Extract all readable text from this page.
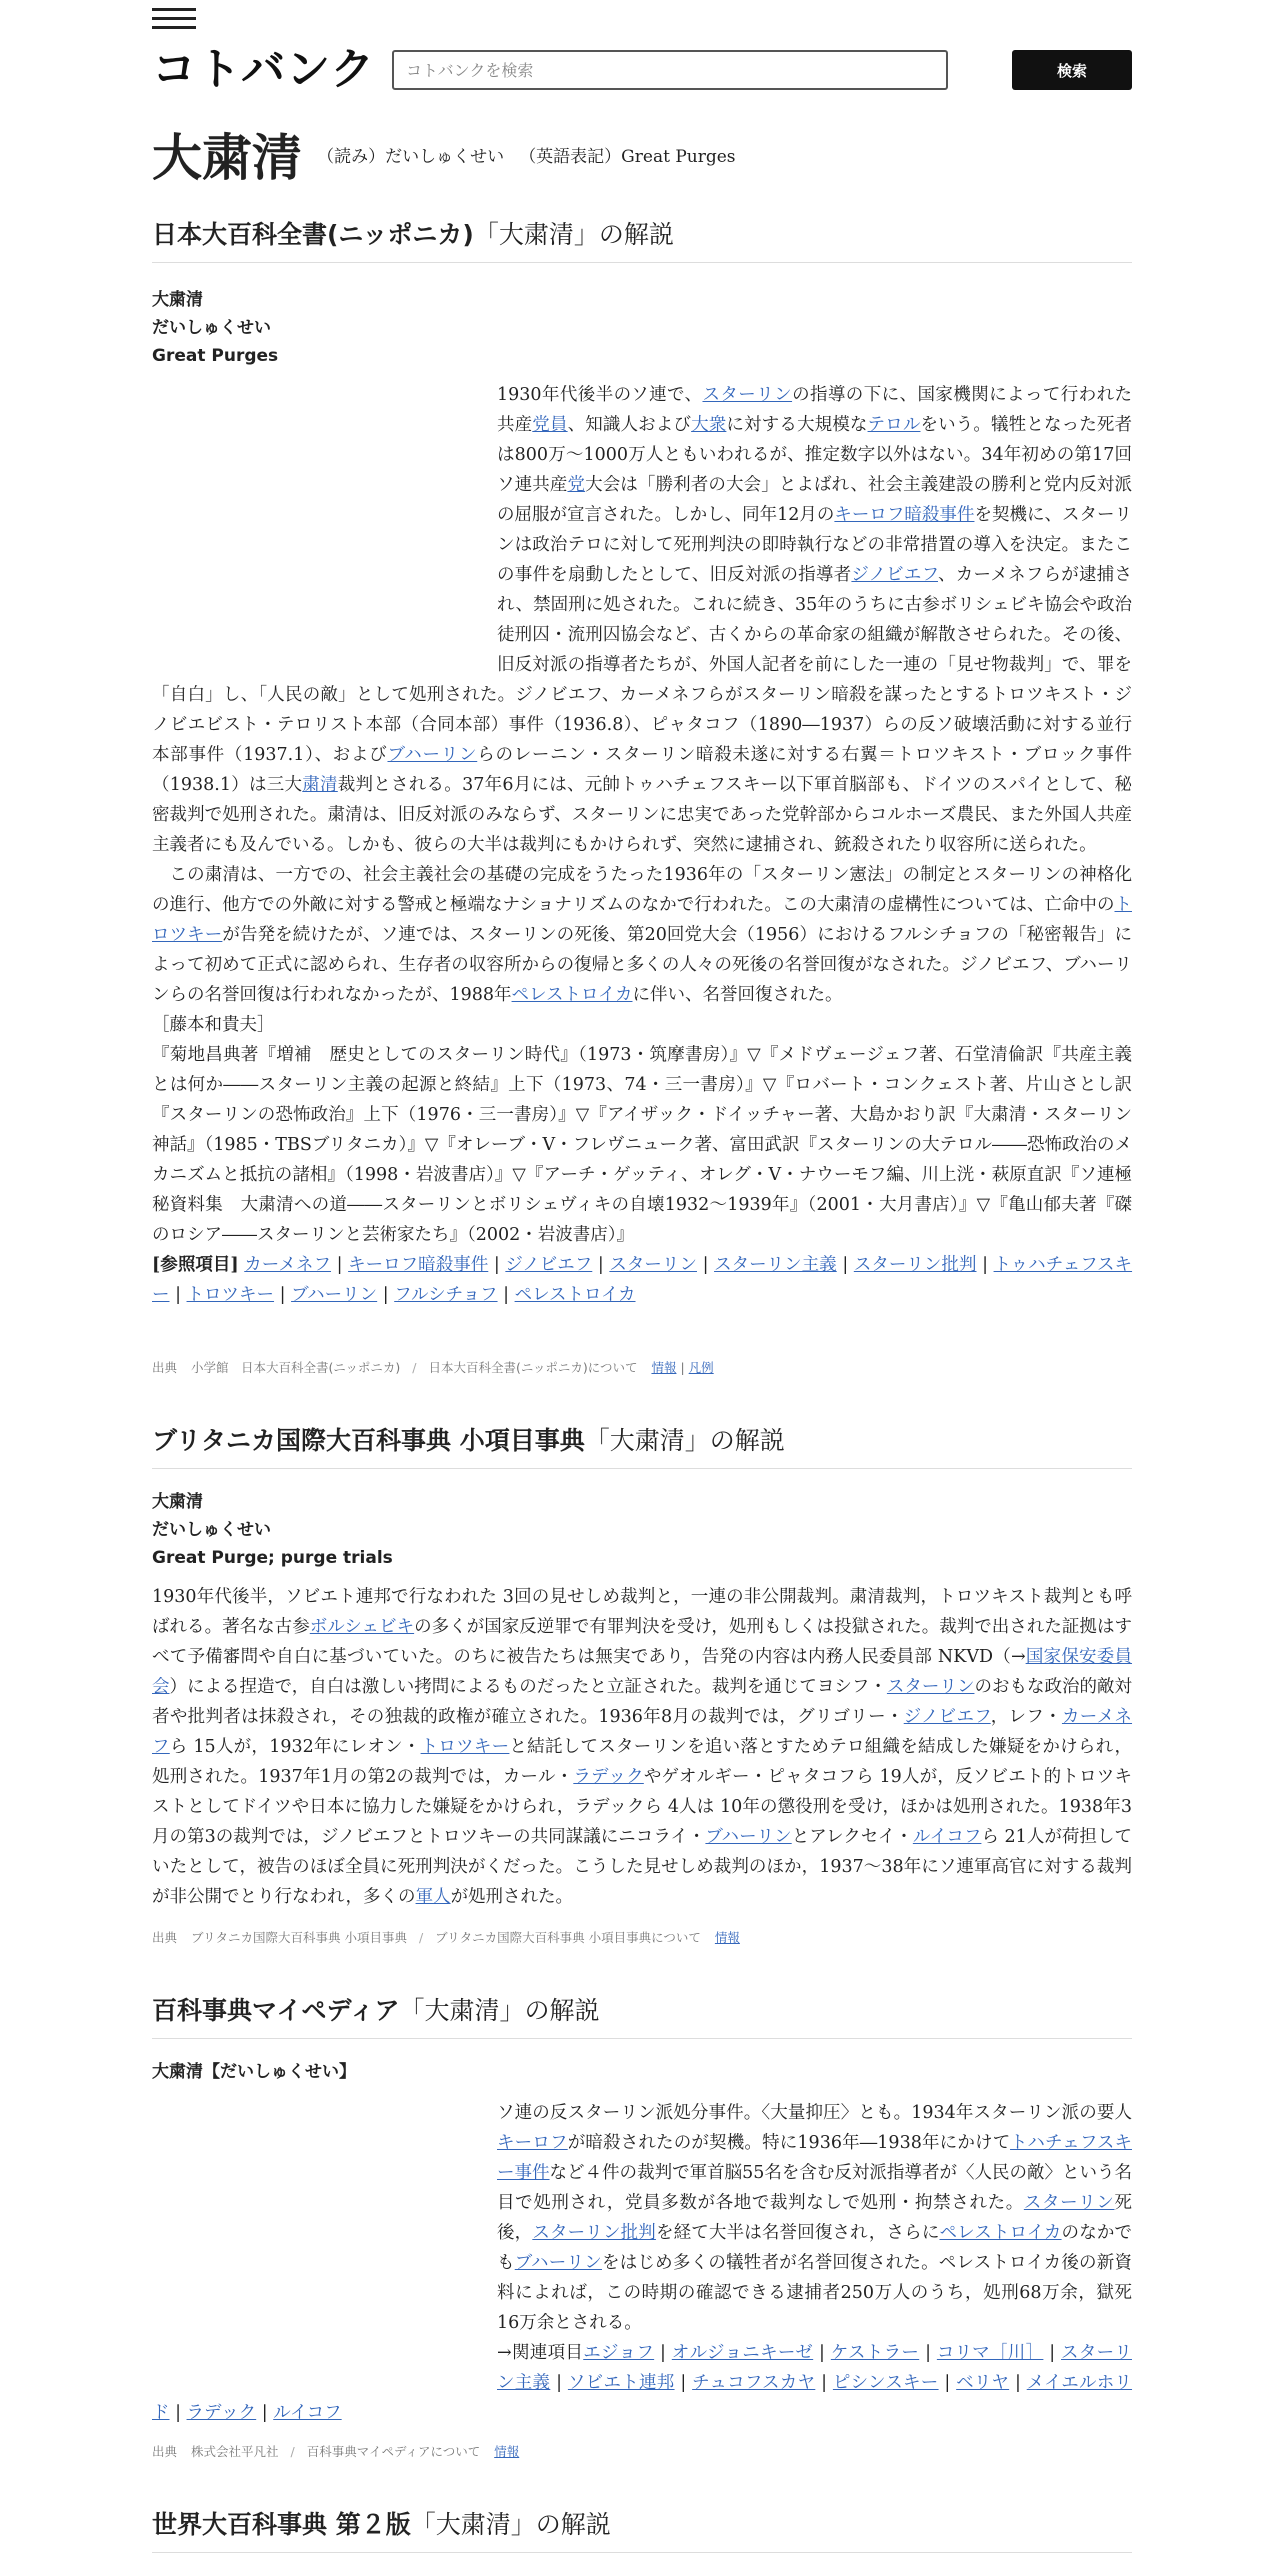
コトバンク
コトバンクを検索	検索
大粛清 （読み）だいしゅくせい （英語表記）Great Purges
日本大百科全書(ニッポニカ)「大粛清」の解説
大粛清
だいしゅくせい
Great Purges

1930年代後半のソ連で、スターリンの指導の下に、国家機関によって行われた共産党員、知識人および大衆に対する大規模なテロルをいう。犠牲となった死者は800万～1000万人ともいわれるが、推定数字以外はない。34年初めの第17回ソ連共産党大会は「勝利者の大会」とよばれ、社会主義建設の勝利と党内反対派の屈服が宣言された。しかし、同年12月のキーロフ暗殺事件を契機に、スターリンは政治テロに対して死刑判決の即時執行などの非常措置の導入を決定。またこの事件を扇動したとして、旧反対派の指導者ジノビエフ、カーメネフらが逮捕され、禁固刑に処された。これに続き、35年のうちに古参ボリシェビキ協会や政治徒刑囚・流刑囚協会など、古くからの革命家の組織が解散させられた。その後、旧反対派の指導者たちが、外国人記者を前にした一連の「見せ物裁判」で、罪を「自白」し、「人民の敵」として処刑された。ジノビエフ、カーメネフらがスターリン暗殺を謀ったとするトロツキスト・ジノビエビスト・テロリスト本部（合同本部）事件（1936.8）、ピャタコフ（1890―1937）らの反ソ破壊活動に対する並行本部事件（1937.1）、およびブハーリンらのレーニン・スターリン暗殺未遂に対する右翼＝トロツキスト・ブロック事件（1938.1）は三大粛清裁判とされる。37年6月には、元帥トゥハチェフスキー以下軍首脳部も、ドイツのスパイとして、秘密裁判で処刑された。粛清は、旧反対派のみならず、スターリンに忠実であった党幹部からコルホーズ農民、また外国人共産主義者にも及んでいる。しかも、彼らの大半は裁判にもかけられず、突然に逮捕され、銃殺されたり収容所に送られた。

この粛清は、一方での、社会主義社会の基礎の完成をうたった1936年の「スターリン憲法」の制定とスターリンの神格化の進行、他方での外敵に対する警戒と極端なナショナリズムのなかで行われた。この大粛清の虚構性については、亡命中のトロツキーが告発を続けたが、ソ連では、スターリンの死後、第20回党大会（1956）におけるフルシチョフの「秘密報告」によって初めて正式に認められ、生存者の収容所からの復帰と多くの人々の死後の名誉回復がなされた。ジノビエフ、ブハーリンらの名誉回復は行われなかったが、1988年ペレストロイカに伴い、名誉回復された。

［藤本和貴夫］

『菊地昌典著『増補　歴史としてのスターリン時代』（1973・筑摩書房）』▽『メドヴェージェフ著、石堂清倫訳『共産主義とは何か――スターリン主義の起源と終結』上下（1973、74・三一書房）』▽『ロバート・コンクェスト著、片山さとし訳『スターリンの恐怖政治』上下（1976・三一書房）』▽『アイザック・ドイッチャー著、大島かおり訳『大粛清・スターリン神話』（1985・TBSブリタニカ）』▽『オレーブ・V・フレヴニューク著、富田武訳『スターリンの大テロル――恐怖政治のメカニズムと抵抗の諸相』（1998・岩波書店）』▽『アーチ・ゲッティ、オレグ・V・ナウーモフ編、川上洸・萩原直訳『ソ連極秘資料集　大粛清への道――スターリンとボリシェヴィキの自壊1932～1939年』（2001・大月書店）』▽『亀山郁夫著『磔のロシア――スターリンと芸術家たち』（2002・岩波書店）』

[参照項目] カーメネフ | キーロフ暗殺事件 | ジノビエフ | スターリン | スターリン主義 | スターリン批判 | トゥハチェフスキー | トロツキー | ブハーリン | フルシチョフ | ペレストロイカ

出典 小学館　日本大百科全書(ニッポニカ) / 日本大百科全書(ニッポニカ)について 情報 | 凡例
ブリタニカ国際大百科事典 小項目事典「大粛清」の解説
大粛清
だいしゅくせい
Great Purge; purge trials

1930年代後半，ソビエト連邦で行なわれた 3回の見せしめ裁判と，一連の非公開裁判。粛清裁判，トロツキスト裁判とも呼ばれる。著名な古参ボルシェビキの多くが国家反逆罪で有罪判決を受け，処刑もしくは投獄された。裁判で出された証拠はすべて予備審問や自白に基づいていた。のちに被告たちは無実であり，告発の内容は内務人民委員部 NKVD（→国家保安委員会）による捏造で，自白は激しい拷問によるものだったと立証された。裁判を通じてヨシフ・スターリンのおもな政治的敵対者や批判者は抹殺され，その独裁的政権が確立された。1936年8月の裁判では，グリゴリー・ジノビエフ，レフ・カーメネフら 15人が，1932年にレオン・トロツキーと結託してスターリンを追い落とすためテロ組織を結成した嫌疑をかけられ，処刑された。1937年1月の第2の裁判では，カール・ラデックやゲオルギー・ピャタコフら 19人が，反ソビエト的トロツキストとしてドイツや日本に協力した嫌疑をかけられ，ラデックら 4人は 10年の懲役刑を受け，ほかは処刑された。1938年3月の第3の裁判では，ジノビエフとトロツキーの共同謀議にニコライ・ブハーリンとアレクセイ・ルイコフら 21人が荷担していたとして，被告のほぼ全員に死刑判決がくだった。こうした見せしめ裁判のほか，1937～38年にソ連軍高官に対する裁判が非公開でとり行なわれ，多くの軍人が処刑された。

出典 ブリタニカ国際大百科事典 小項目事典 / ブリタニカ国際大百科事典 小項目事典について 情報
百科事典マイペディア「大粛清」の解説
大粛清【だいしゅくせい】

ソ連の反スターリン派処分事件。〈大量抑圧〉とも。1934年スターリン派の要人キーロフが暗殺されたのが契機。特に1936年―1938年にかけてトハチェフスキー事件など４件の裁判で軍首脳55名を含む反対派指導者が〈人民の敵〉という名目で処刑され，党員多数が各地で裁判なしで処刑・拘禁された。スターリン死後，スターリン批判を経て大半は名誉回復され，さらにペレストロイカのなかでもブハーリンをはじめ多くの犠牲者が名誉回復された。ペレストロイカ後の新資料によれば，この時期の確認できる逮捕者250万人のうち，処刑68万余，獄死16万余とされる。

→関連項目エジョフ | オルジョニキーゼ | ケストラー | コリマ［川］ | スターリン主義 | ソビエト連邦 | チュコフスカヤ | ピシンスキー | ベリヤ | メイエルホリド | ラデック | ルイコフ

出典 株式会社平凡社 / 百科事典マイペディアについて 情報
世界大百科事典 第２版「大粛清」の解説
